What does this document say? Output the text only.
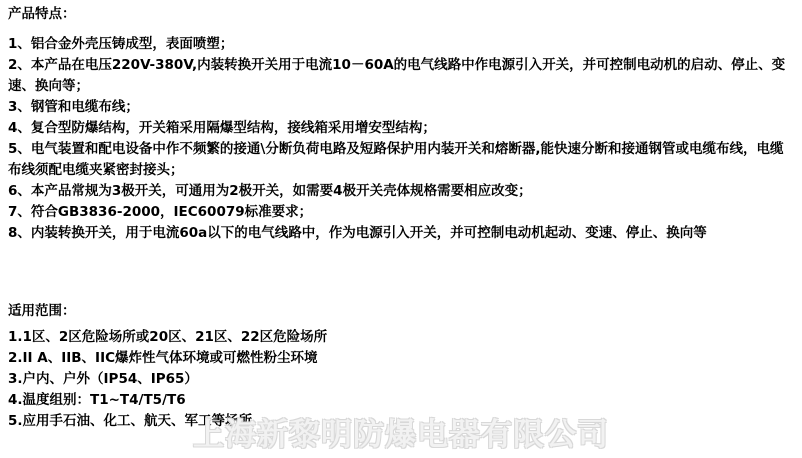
产品特点：

1、铝合金外壳压铸成型，表面喷塑；

2、本产品在电压220V-380V,内装转换开关用于电流10－60A的电气线路中作电源引入开关，并可控制电动机的启动、停止、变速、换向等；

3、钢管和电缆布线；

4、复合型防爆结构，开关箱采用隔爆型结构，接线箱采用增安型结构；

5、电气装置和配电设备中作不频繁的接通\分断负荷电路及短路保护用内装开关和熔断器,能快速分断和接通钢管或电缆布线，电缆布线须配电缆夹紧密封接头；

6、本产品常规为3极开关，可通用为2极开关，如需要4极开关壳体规格需要相应改变；

7、符合GB3836-2000，IEC60079标准要求；

8、内装转换开关，用于电流60a以下的电气线路中，作为电源引入开关，并可控制电动机起动、变速、停止、换向等

适用范围：

1.1区、2区危险场所或20区、21区、22区危险场所

2.II A、IIB、IIC爆炸性气体环境或可燃性粉尘环境

3.户内、户外（IP54、IP65）

4.温度组别：T1~T4/T5/T6

5.应用手石油、化工、航天、军工等场所

上海新黎明防爆电器有限公司
